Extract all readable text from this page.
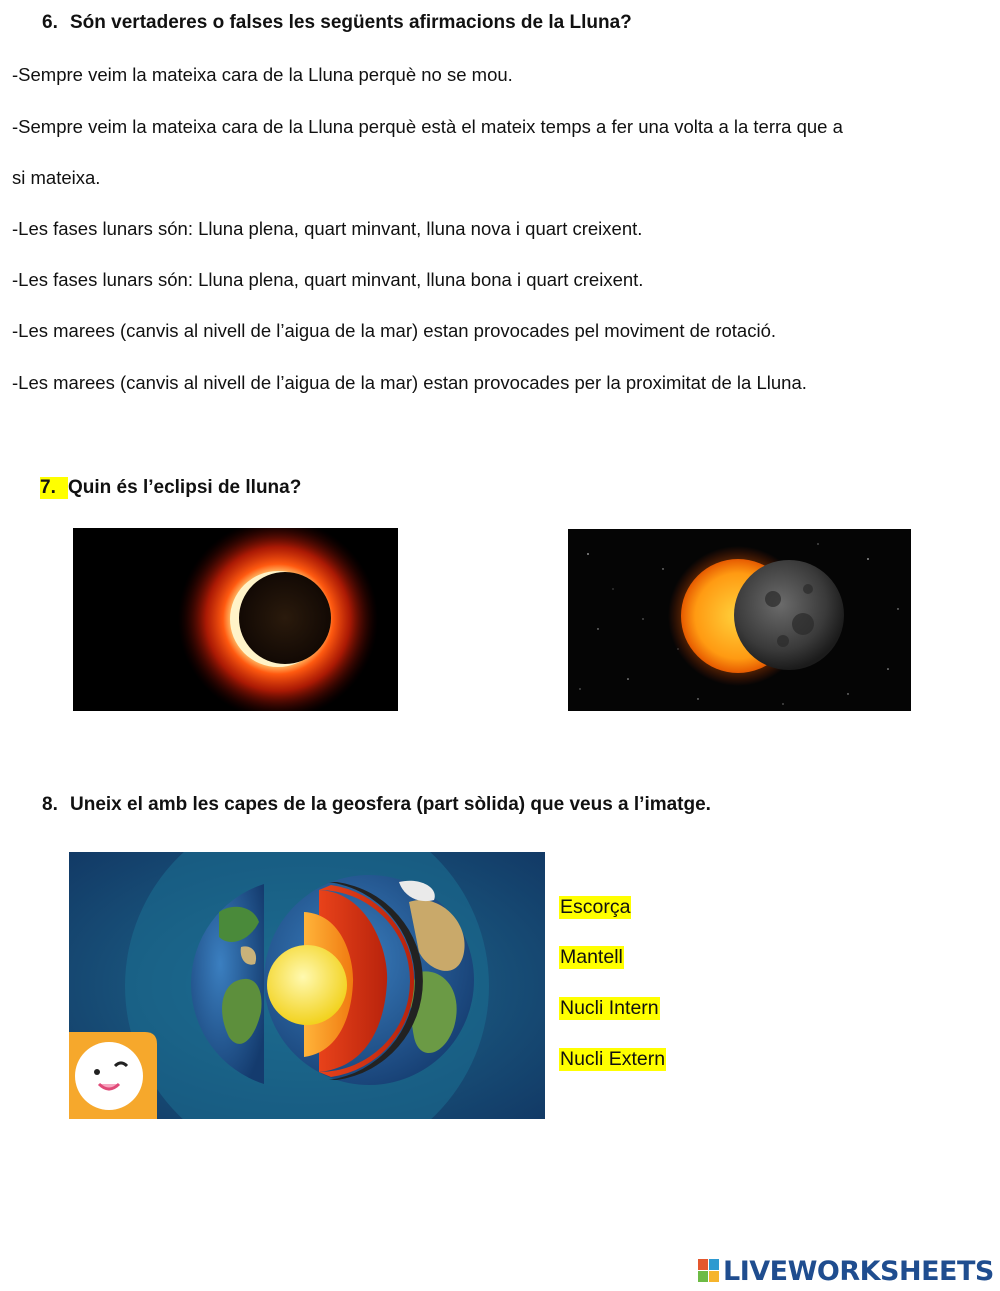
6. Són vertaderes o falses les següents afirmacions de la Lluna?
-Sempre veim la mateixa cara de la Lluna perquè no se mou.
-Sempre veim la mateixa cara de la Lluna perquè està el mateix temps a fer una volta a la terra que a
si mateixa.
-Les fases lunars són: Lluna plena, quart minvant, lluna nova i quart creixent.
-Les fases lunars són: Lluna plena, quart minvant, lluna bona i quart creixent.
-Les marees (canvis al nivell de l’aigua de la mar) estan provocades pel moviment de rotació.
-Les marees (canvis al nivell de l’aigua de la mar) estan provocades per la proximitat de la Lluna.
7. Quin és l’eclipsi de lluna?
8. Uneix el amb les capes de la geosfera (part sòlida) que veus a l’imatge.
Escorça
Mantell
Nucli Intern
Nucli Extern
LIVEWORKSHEETS
